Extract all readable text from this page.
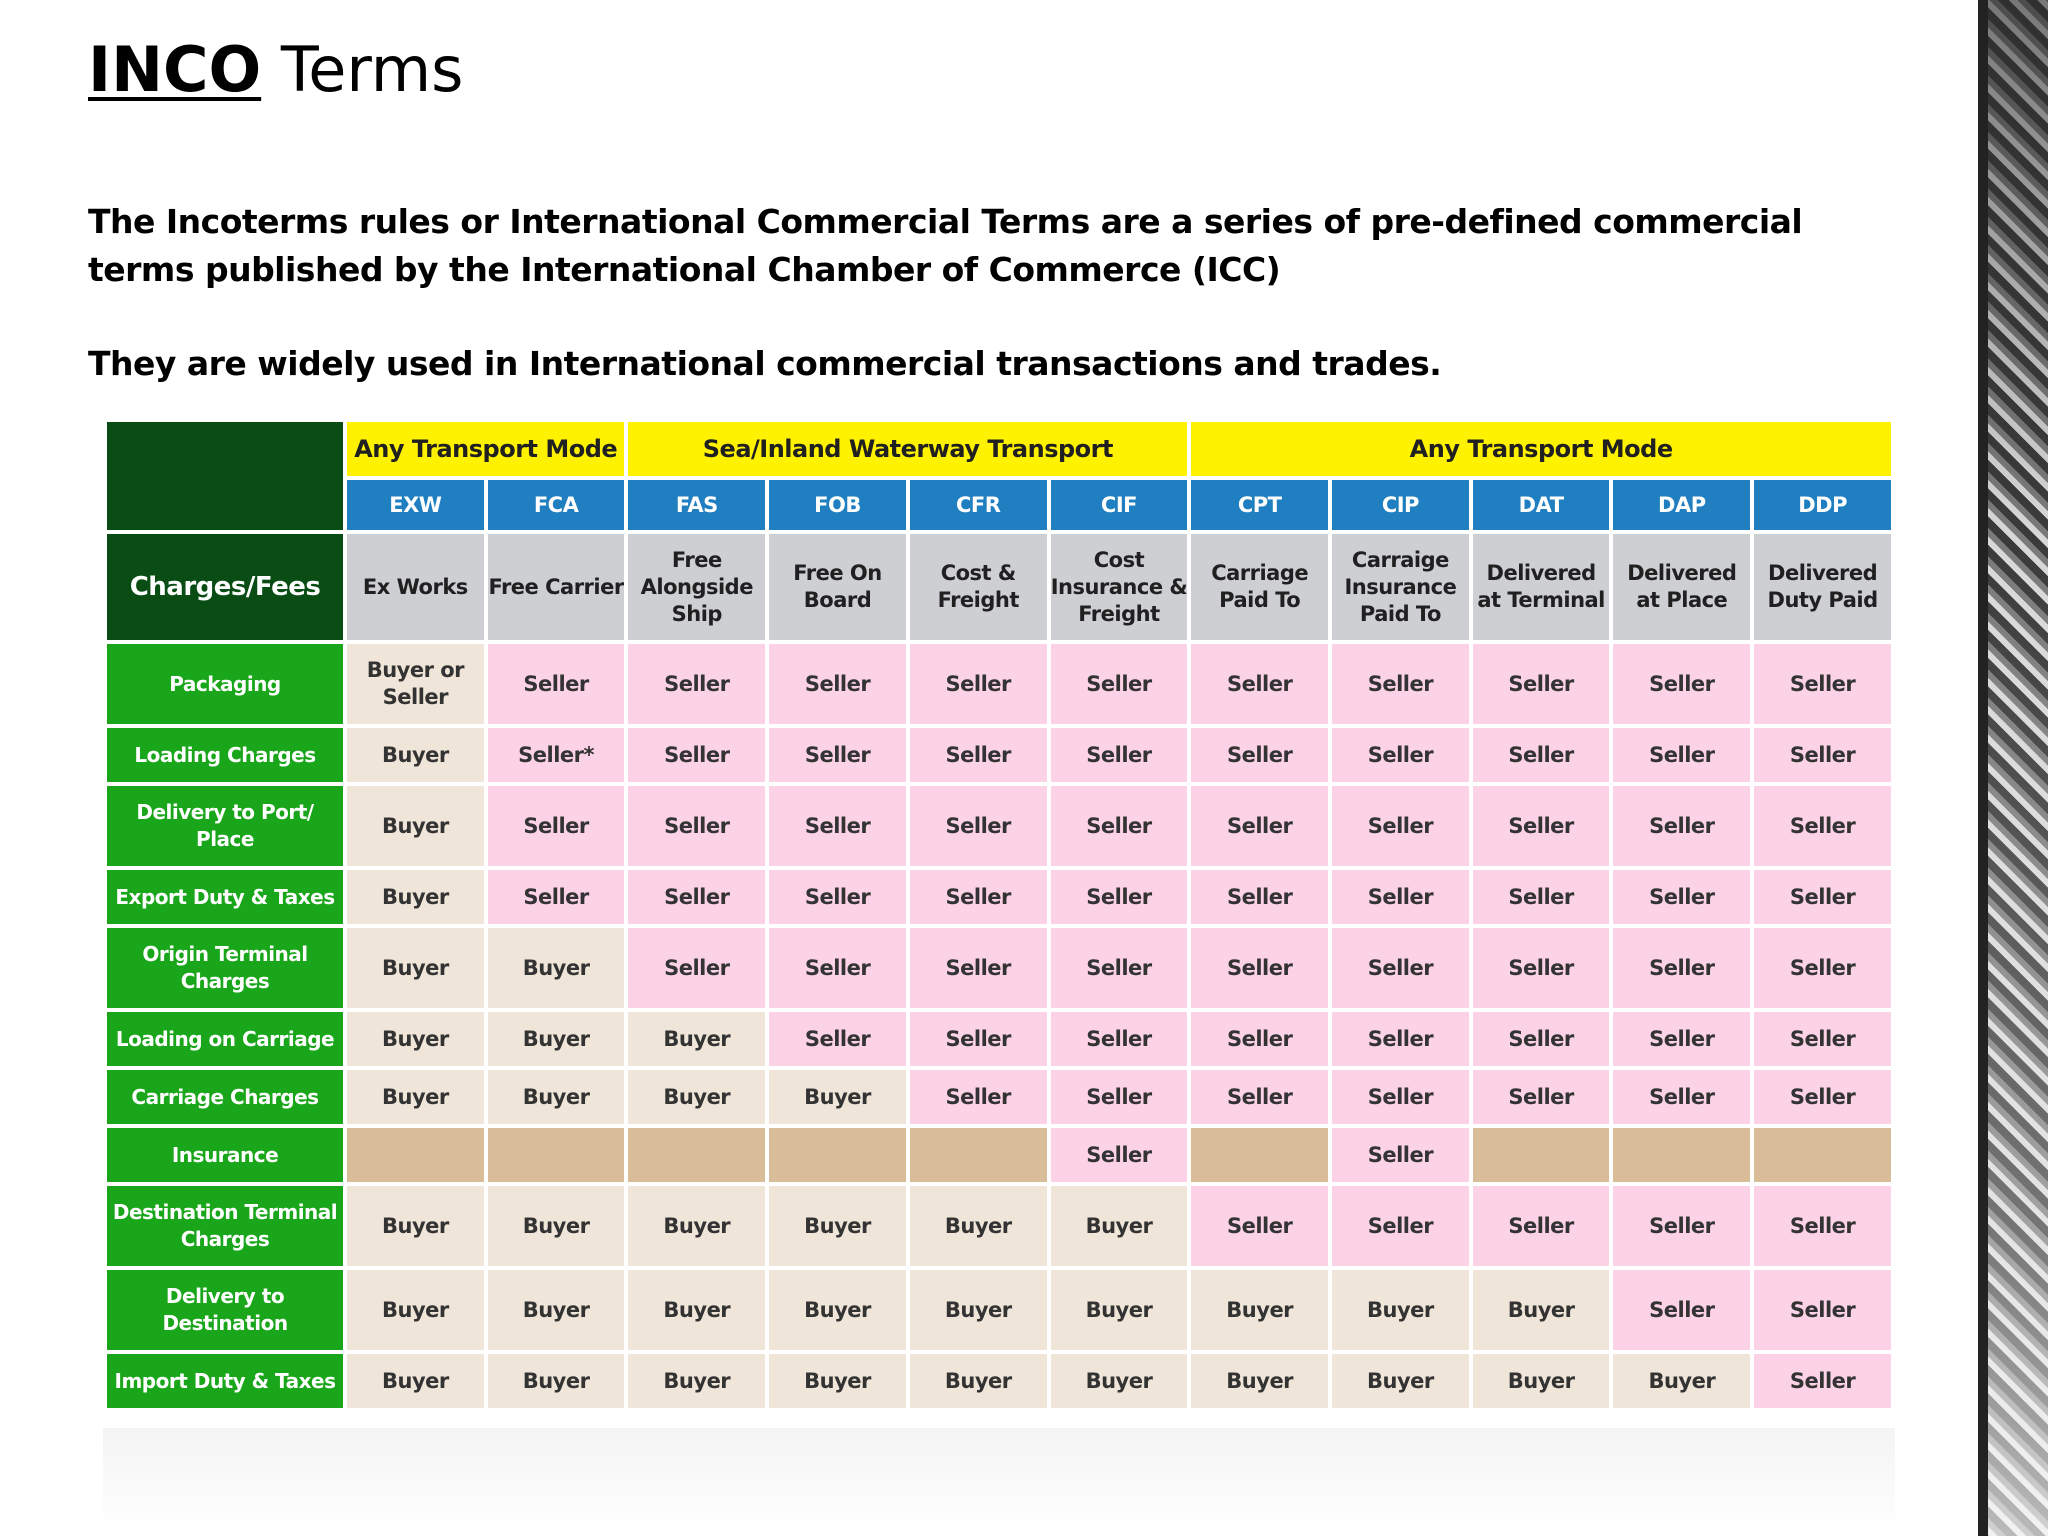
INCO Terms

The Incoterms rules or International Commercial Terms are a series of pre-defined commercial terms published by the International Chamber of Commerce (ICC)

They are widely used in International commercial transactions and trades.

	Any Transport Mode		Sea/Inland Waterway Transport				Any Transport Mode				
	EXW	FCA	FAS	FOB	CFR	CIF	CPT	CIP	DAT	DAP	DDP
Charges/Fees	Ex Works	Free Carrier	Free Alongside Ship	Free On Board	Cost & Freight	Cost Insurance & Freight	Carriage Paid To	Carraige Insurance Paid To	Delivered at Terminal	Delivered at Place	Delivered Duty Paid
Packaging	Buyer or Seller	Seller	Seller	Seller	Seller	Seller	Seller	Seller	Seller	Seller	Seller
Loading Charges	Buyer	Seller*	Seller	Seller	Seller	Seller	Seller	Seller	Seller	Seller	Seller
Delivery to Port/ Place	Buyer	Seller	Seller	Seller	Seller	Seller	Seller	Seller	Seller	Seller	Seller
Export Duty & Taxes	Buyer	Seller	Seller	Seller	Seller	Seller	Seller	Seller	Seller	Seller	Seller
Origin Terminal Charges	Buyer	Buyer	Seller	Seller	Seller	Seller	Seller	Seller	Seller	Seller	Seller
Loading on Carriage	Buyer	Buyer	Buyer	Seller	Seller	Seller	Seller	Seller	Seller	Seller	Seller
Carriage Charges	Buyer	Buyer	Buyer	Buyer	Seller	Seller	Seller	Seller	Seller	Seller	Seller
Insurance						Seller		Seller			
Destination Terminal Charges	Buyer	Buyer	Buyer	Buyer	Buyer	Buyer	Seller	Seller	Seller	Seller	Seller
Delivery to Destination	Buyer	Buyer	Buyer	Buyer	Buyer	Buyer	Buyer	Buyer	Buyer	Seller	Seller
Import Duty & Taxes	Buyer	Buyer	Buyer	Buyer	Buyer	Buyer	Buyer	Buyer	Buyer	Buyer	Seller
